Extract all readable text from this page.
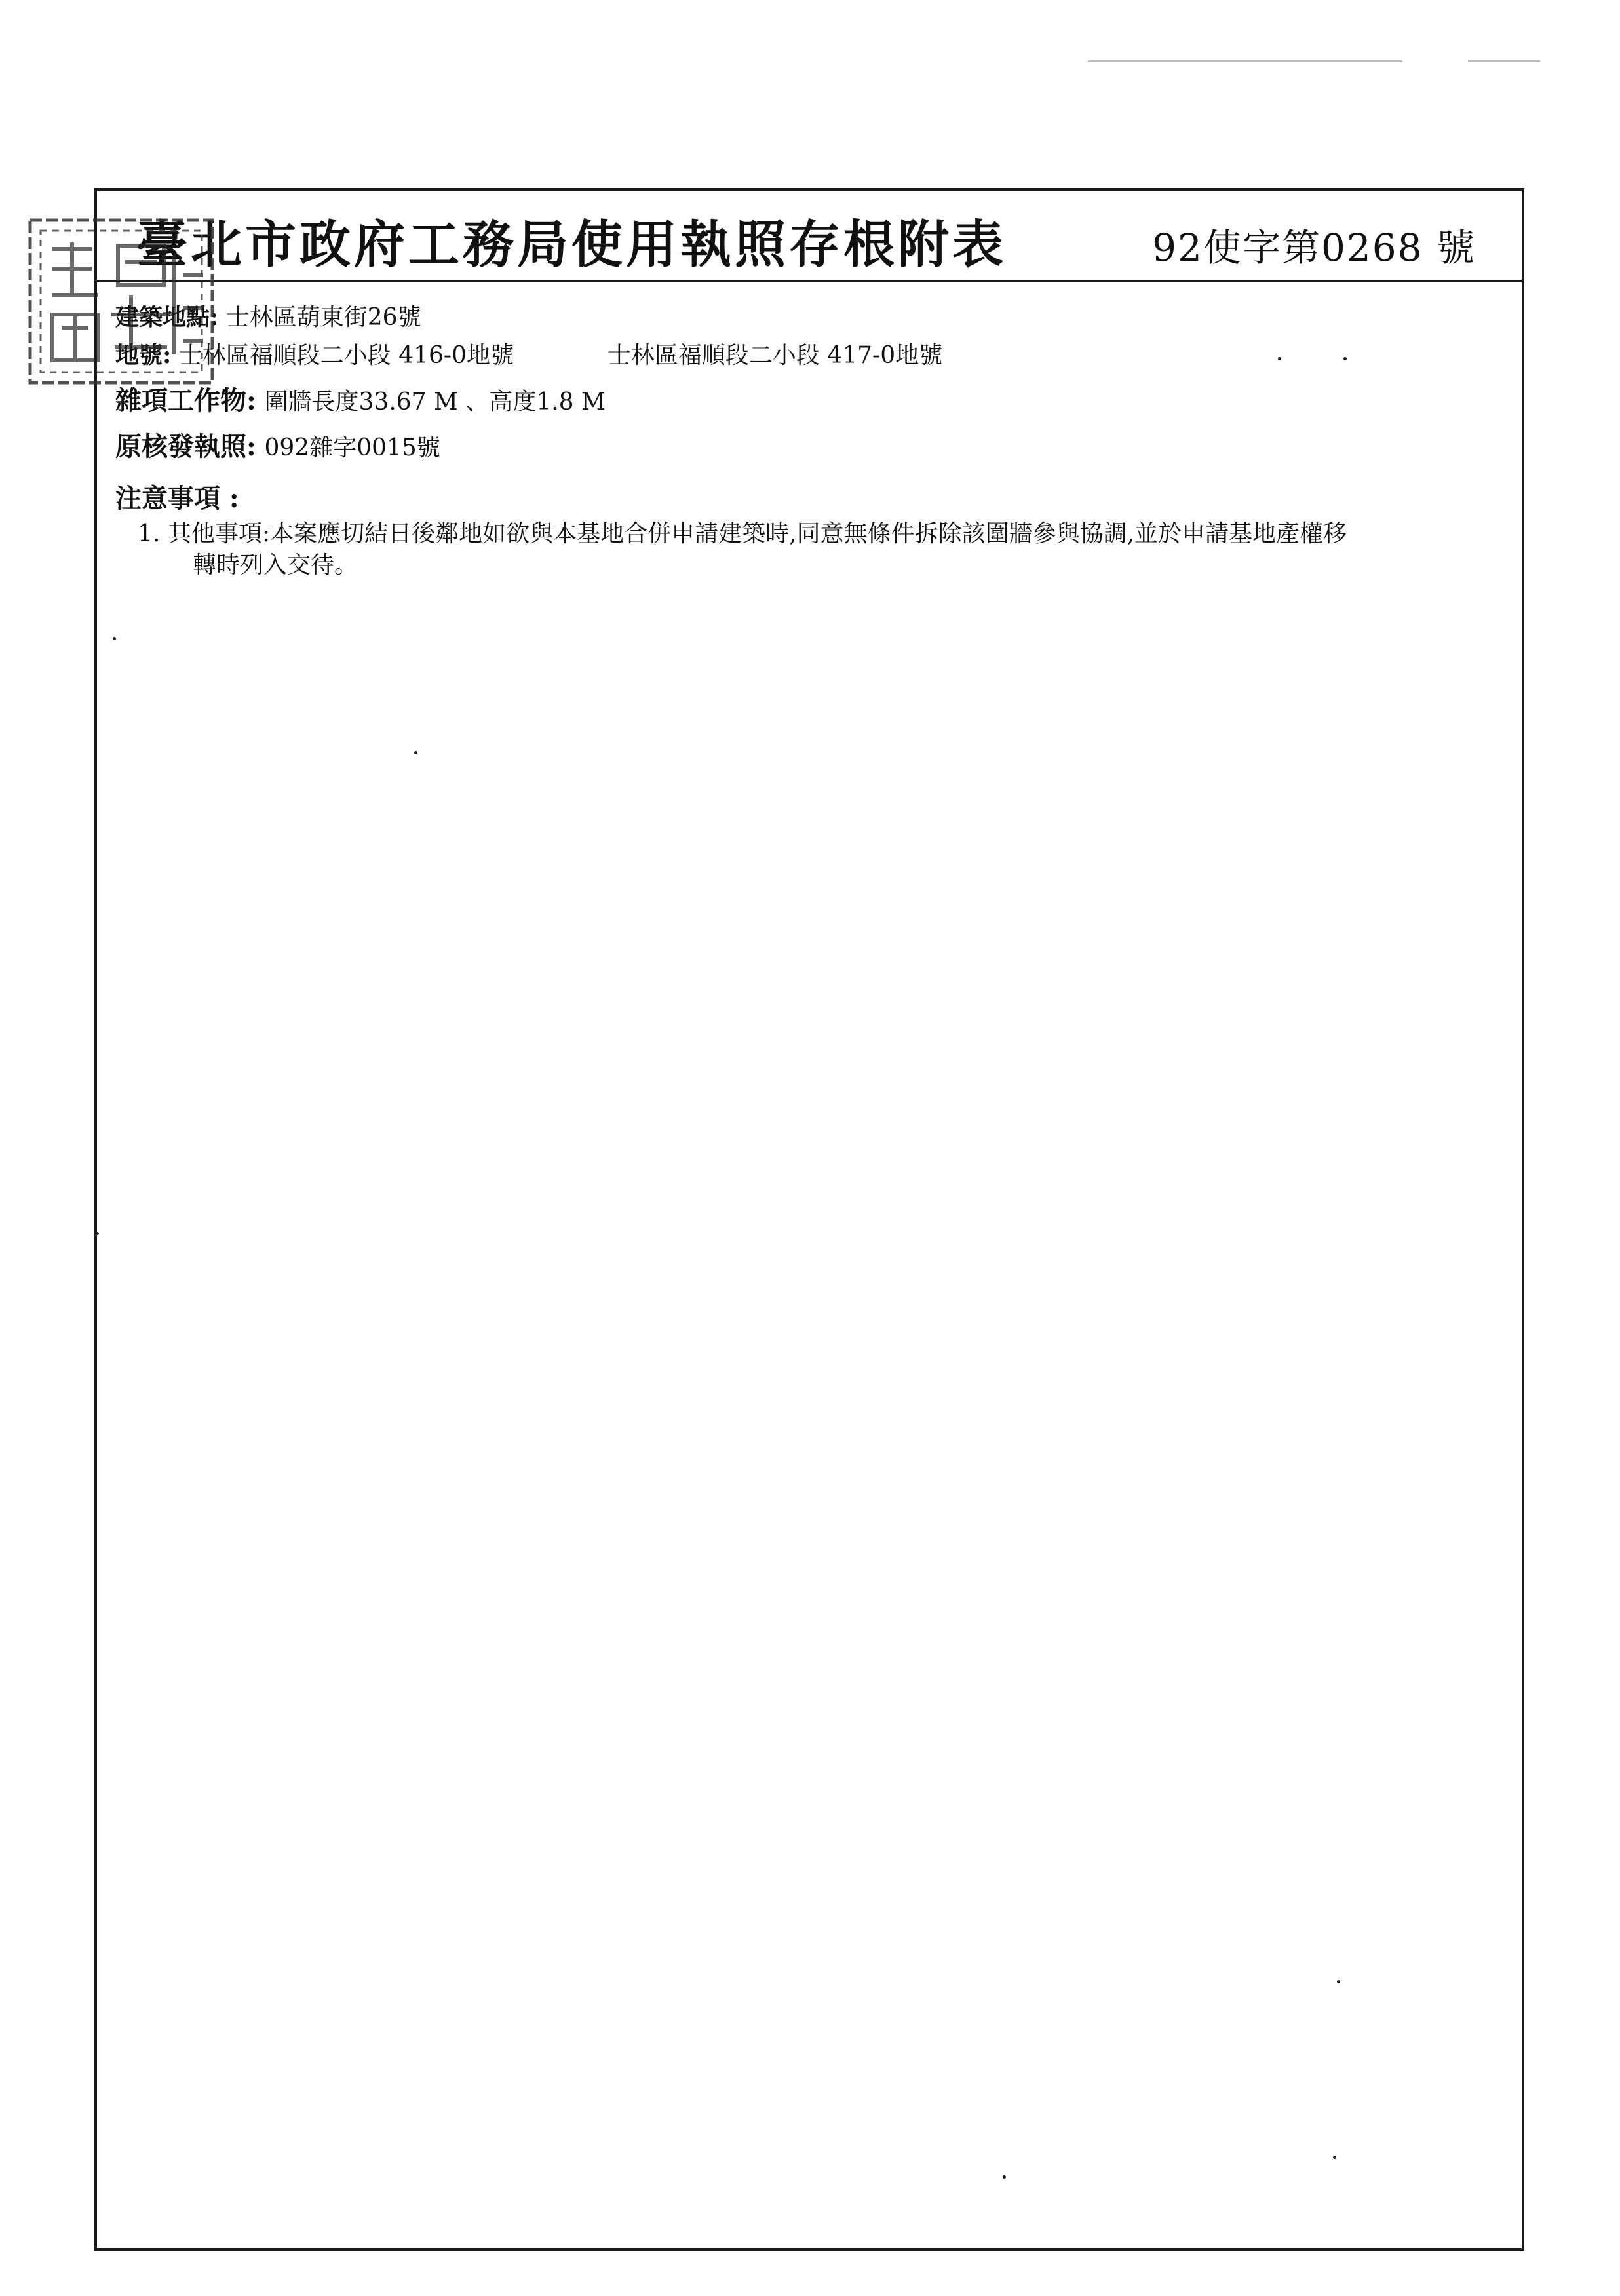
臺北市政府工務局使用執照存根附表	92使字第0268 號
建築地點: 士林區葫東街26號
地號: 士林區福順段二小段 416-0地號	士林區福順段二小段 417-0地號
雜項工作物: 圍牆長度33.67 M 、高度1.8 M
原核發執照: 092雜字0015號
注意事項 :
1. 其他事項:本案應切結日後鄰地如欲與本基地合併申請建築時,同意無條件拆除該圍牆參與協調,並於申請基地產權移
轉時列入交待。
